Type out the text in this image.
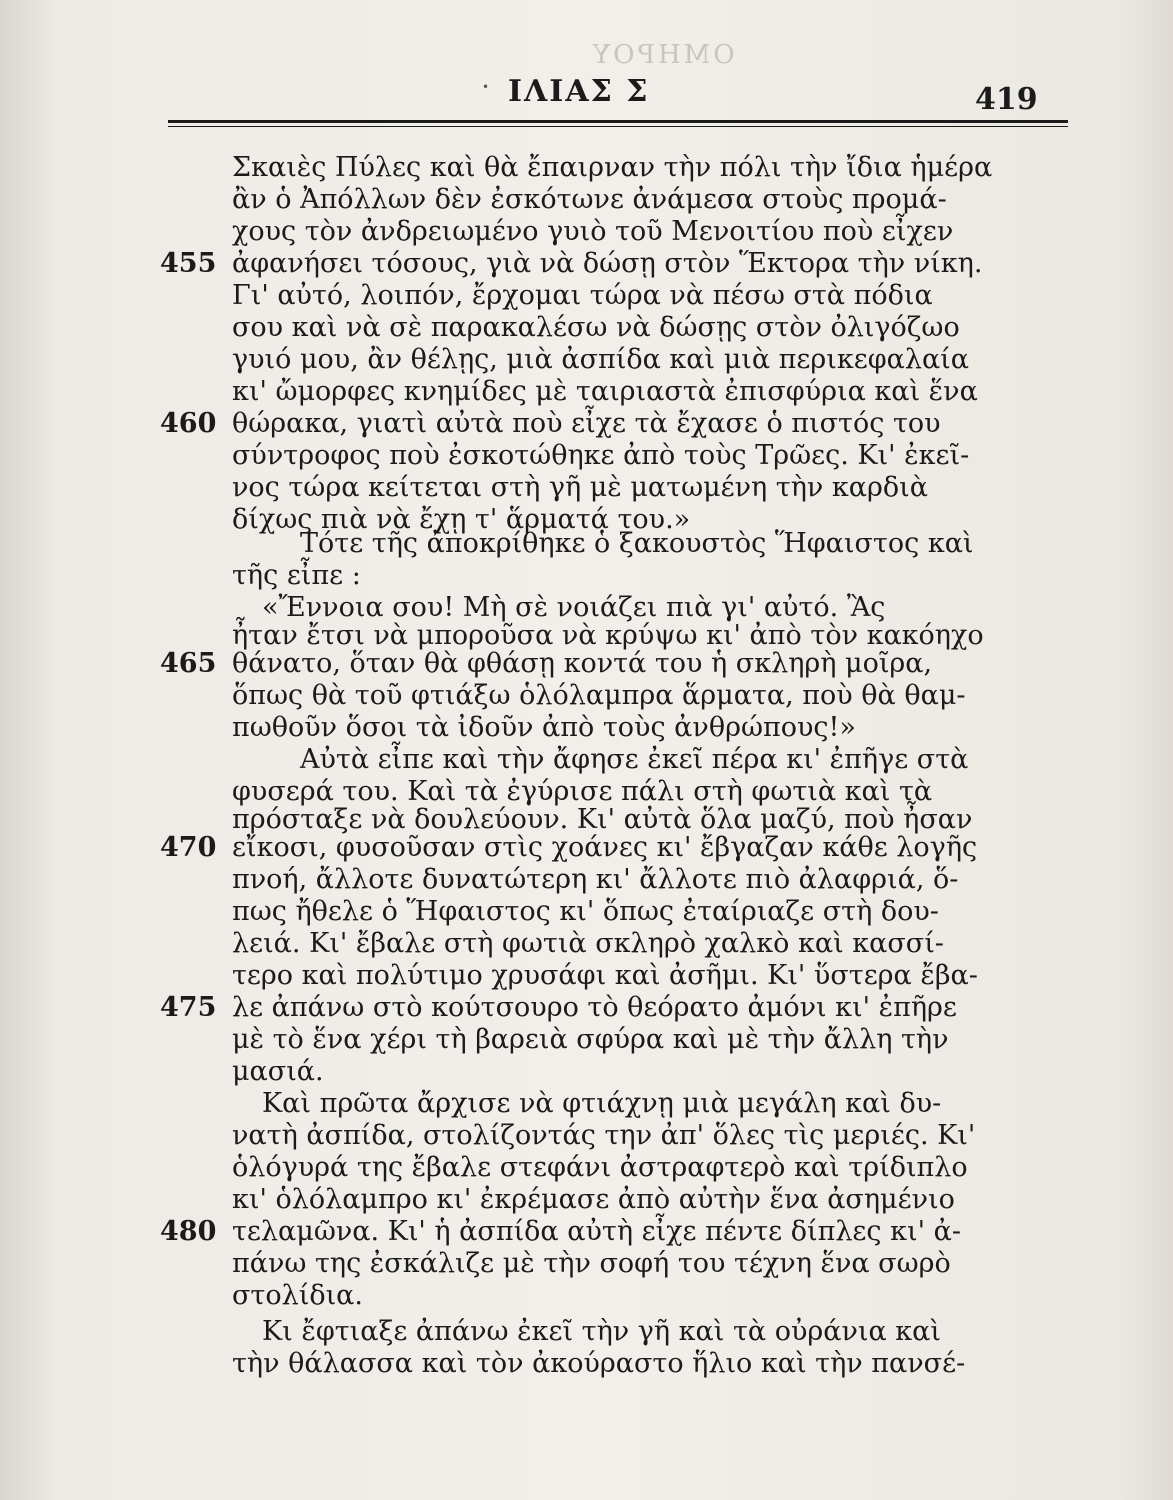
ΟΜΗΡΟΥ
• ΙΛΙΑΣ Σ	419
455
460
465
470
475
480
Σκαιὲς Πύλες καὶ θὰ ἔπαιρναν τὴν πόλι τὴν ἴδια ἡμέρα
ἂν ὁ Ἀπόλλων δὲν ἐσκότωνε ἀνάμεσα στοὺς προμά-
χους τὸν ἀνδρειωμένο γυιὸ τοῦ Μενοιτίου ποὺ εἶχεν
ἀφανήσει τόσους, γιὰ νὰ δώσῃ στὸν Ἕκτορα τὴν νίκη.
Γι' αὐτό, λοιπόν, ἔρχομαι τώρα νὰ πέσω στὰ πόδια
σου καὶ νὰ σὲ παρακαλέσω νὰ δώσῃς στὸν ὀλιγόζωο
γυιό μου, ἂν θέλῃς, μιὰ ἀσπίδα καὶ μιὰ περικεφαλαία
κι' ὤμορφες κνημίδες μὲ ταιριαστὰ ἐπισφύρια καὶ ἕνα
θώρακα, γιατὶ αὐτὰ ποὺ εἶχε τὰ ἔχασε ὁ πιστός του
σύντροφος ποὺ ἐσκοτώθηκε ἀπὸ τοὺς Τρῶες. Κι' ἐκεῖ-
νος τώρα κείτεται στὴ γῆ μὲ ματωμένη τὴν καρδιὰ
δίχως πιὰ νὰ ἔχῃ τ' ἅρματά του.»
Τότε τῆς ἀποκρίθηκε ὁ ξακουστὸς Ἥφαιστος καὶ
τῆς εἶπε :
«Ἔννοια σου! Μὴ σὲ νοιάζει πιὰ γι' αὐτό. Ἂς
ἦταν ἔτσι νὰ μποροῦσα νὰ κρύψω κι' ἀπὸ τὸν κακόηχο
θάνατο, ὅταν θὰ φθάσῃ κοντά του ἡ σκληρὴ μοῖρα,
ὅπως θὰ τοῦ φτιάξω ὁλόλαμπρα ἅρματα, ποὺ θὰ θαμ-
πωθοῦν ὅσοι τὰ ἰδοῦν ἀπὸ τοὺς ἀνθρώπους!»
Αὐτὰ εἶπε καὶ τὴν ἄφησε ἐκεῖ πέρα κι' ἐπῆγε στὰ
φυσερά του. Καὶ τὰ ἐγύρισε πάλι στὴ φωτιὰ καὶ τὰ
πρόσταξε νὰ δουλεύουν. Κι' αὐτὰ ὅλα μαζύ, ποὺ ἦσαν
εἴκοσι, φυσοῦσαν στὶς χοάνες κι' ἔβγαζαν κάθε λογῆς
πνοή, ἄλλοτε δυνατώτερη κι' ἄλλοτε πιὸ ἀλαφριά, ὅ-
πως ἤθελε ὁ Ἥφαιστος κι' ὅπως ἐταίριαζε στὴ δου-
λειά. Κι' ἔβαλε στὴ φωτιὰ σκληρὸ χαλκὸ καὶ κασσί-
τερο καὶ πολύτιμο χρυσάφι καὶ ἀσῆμι. Κι' ὕστερα ἔβα-
λε ἀπάνω στὸ κούτσουρο τὸ θεόρατο ἀμόνι κι' ἐπῆρε
μὲ τὸ ἕνα χέρι τὴ βαρειὰ σφύρα καὶ μὲ τὴν ἄλλη τὴν
μασιά.
Καὶ πρῶτα ἄρχισε νὰ φτιάχνῃ μιὰ μεγάλη καὶ δυ-
νατὴ ἀσπίδα, στολίζοντάς την ἀπ' ὅλες τὶς μεριές. Κι'
ὁλόγυρά της ἔβαλε στεφάνι ἀστραφτερὸ καὶ τρίδιπλο
κι' ὁλόλαμπρο κι' ἐκρέμασε ἀπὸ αὐτὴν ἕνα ἀσημένιο
τελαμῶνα. Κι' ἡ ἀσπίδα αὐτὴ εἶχε πέντε δίπλες κι' ἀ-
πάνω της ἐσκάλιζε μὲ τὴν σοφή του τέχνη ἕνα σωρὸ
στολίδια.
Κι ἔφτιαξε ἀπάνω ἐκεῖ τὴν γῆ καὶ τὰ οὐράνια καὶ
τὴν θάλασσα καὶ τὸν ἀκούραστο ἥλιο καὶ τὴν πανσέ-
